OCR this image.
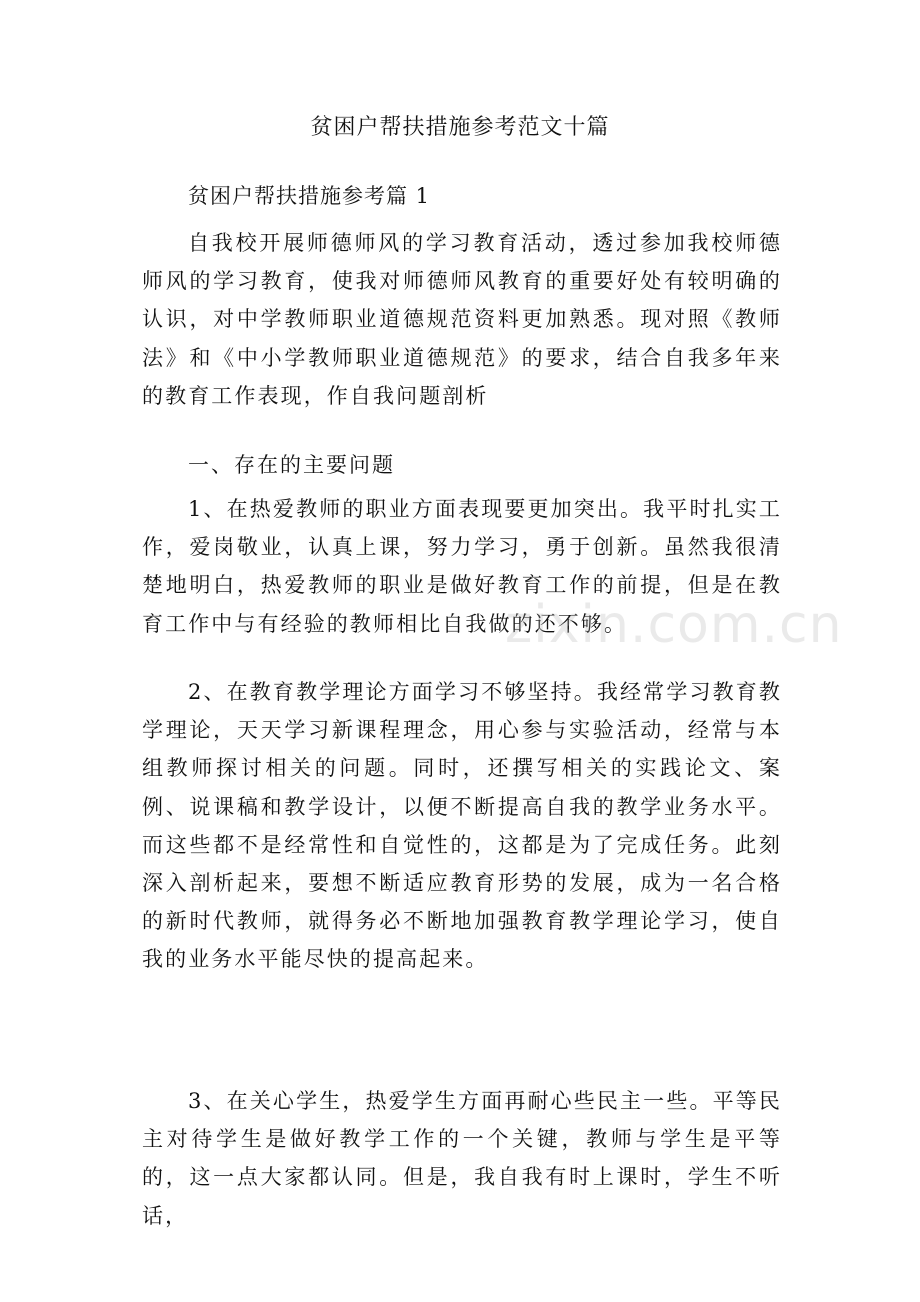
贫困户帮扶措施参考范文十篇
贫困户帮扶措施参考篇 1

自我校开展师德师风的学习教育活动，透过参加我校师德师风的学习教育，使我对师德师风教育的重要好处有较明确的认识，对中学教师职业道德规范资料更加熟悉。现对照《教师法》和《中小学教师职业道德规范》的要求，结合自我多年来的教育工作表现，作自我问题剖析

一、存在的主要问题

1、在热爱教师的职业方面表现要更加突出。我平时扎实工作，爱岗敬业，认真上课，努力学习，勇于创新。虽然我很清楚地明白，热爱教师的职业是做好教育工作的前提，但是在教育工作中与有经验的教师相比自我做的还不够。

2、在教育教学理论方面学习不够坚持。我经常学习教育教学理论，天天学习新课程理念，用心参与实验活动，经常与本组教师探讨相关的问题。同时，还撰写相关的实践论文、案例、说课稿和教学设计，以便不断提高自我的教学业务水平。而这些都不是经常性和自觉性的，这都是为了完成任务。此刻深入剖析起来，要想不断适应教育形势的发展，成为一名合格的新时代教师，就得务必不断地加强教育教学理论学习，使自我的业务水平能尽快的提高起来。

3、在关心学生，热爱学生方面再耐心些民主一些。平等民主对待学生是做好教学工作的一个关键，教师与学生是平等的，这一点大家都认同。但是，我自我有时上课时，学生不听话，

zixin.com.cn
